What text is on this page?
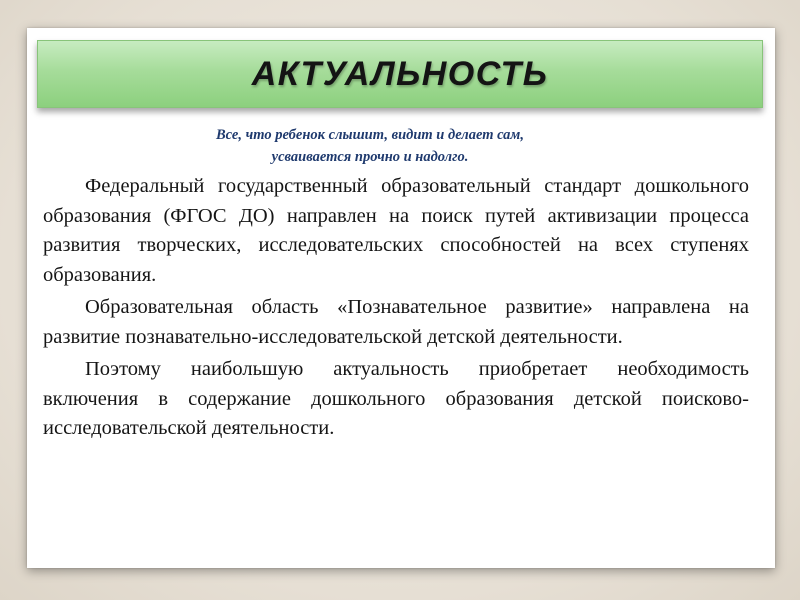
АКТУАЛЬНОСТЬ
Все, что ребенок слышит, видит и делает сам,
усваивается прочно и надолго.

Федеральный государственный образовательный стандарт дошкольного образования (ФГОС ДО) направлен на поиск путей активизации процесса развития творческих, исследовательских способностей на всех ступенях образования.

Образовательная область «Познавательное развитие» направлена на развитие познавательно-исследовательской детской деятельности.

Поэтому наибольшую актуальность приобретает необходимость включения в содержание дошкольного образования детской поисково-исследовательской деятельности.
